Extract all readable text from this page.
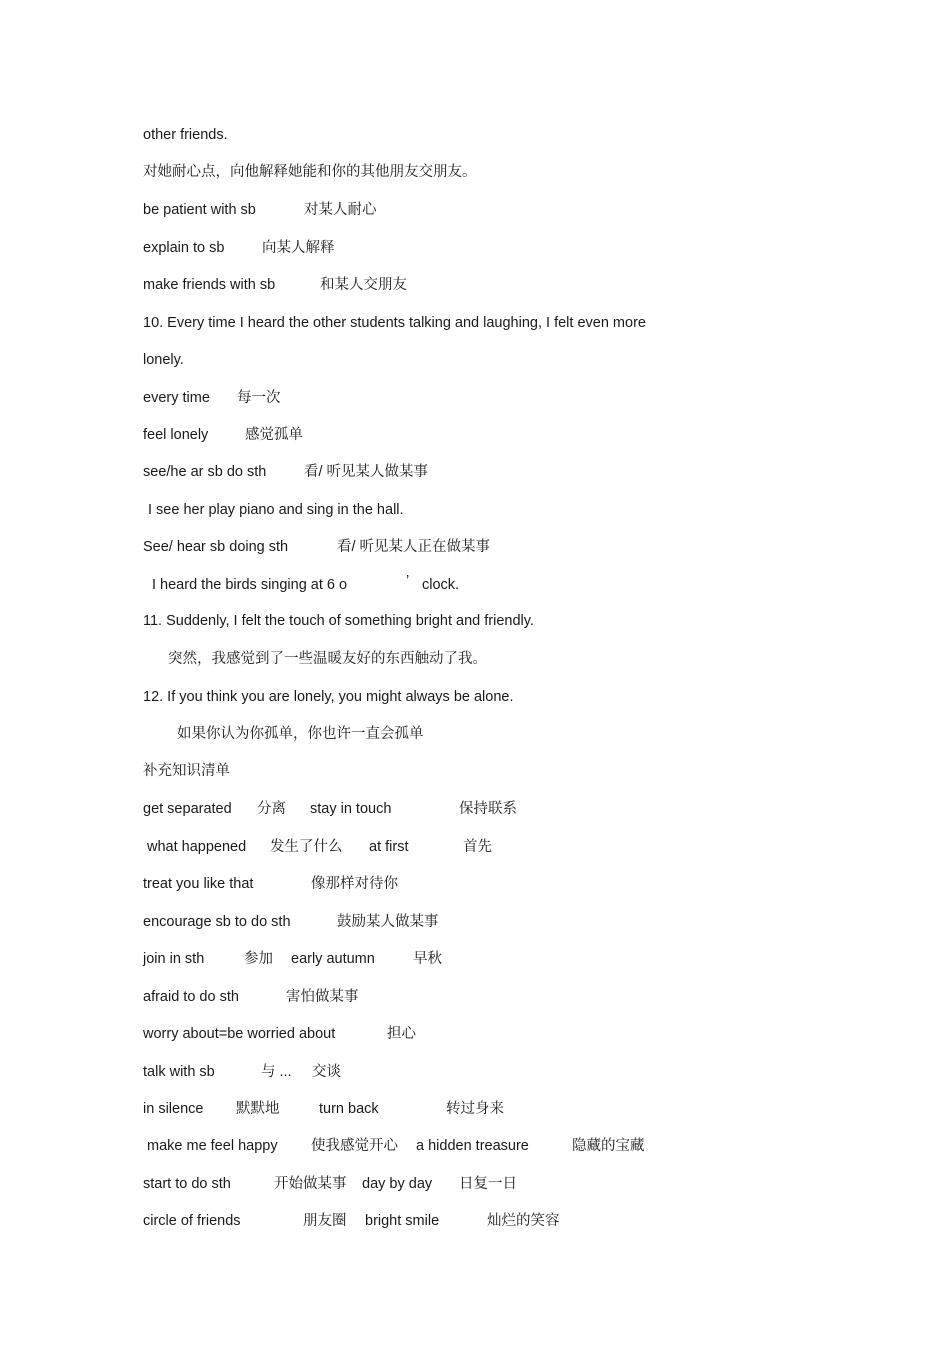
other friends.
对她耐心点，向他解释她能和你的其他朋友交朋友。
be patient with sb	对某人耐心
explain to sb	向某人解释
make friends with sb	和某人交朋友
10. Every time I heard the other students talking and laughing, I felt even more
lonely.
every time 每一次
feel lonely	感觉孤单
see/he ar sb do sth	看/ 听见某人做某事
I see her play piano and sing in the hall.
See/ hear sb doing sth	看/ 听见某人正在做某事
I heard the birds singing at 6 o	’ clock.
11. Suddenly, I felt the touch of something bright and friendly.
突然，我感觉到了一些温暖友好的东西触动了我。
12. If you think you are lonely, you might always be alone.
如果你认为你孤单，你也许一直会孤单
补充知识清单
get separated 分离 stay in touch	保持联系
what happened 发生了什么 at first	首先
treat you like that	像那样对待你
encourage sb to do sth	鼓励某人做某事
join in sth	参加 early autumn	早秋
afraid to do sth	害怕做某事
worry about=be worried about	担心
talk with sb	与 ... 交谈
in silence 默默地	turn back	转过身来
make me feel happy 使我感觉开心 a hidden treasure	隐藏的宝藏
start to do sth	开始做某事 day by day 日复一日
circle of friends	朋友圈 bright smile	灿烂的笑容
